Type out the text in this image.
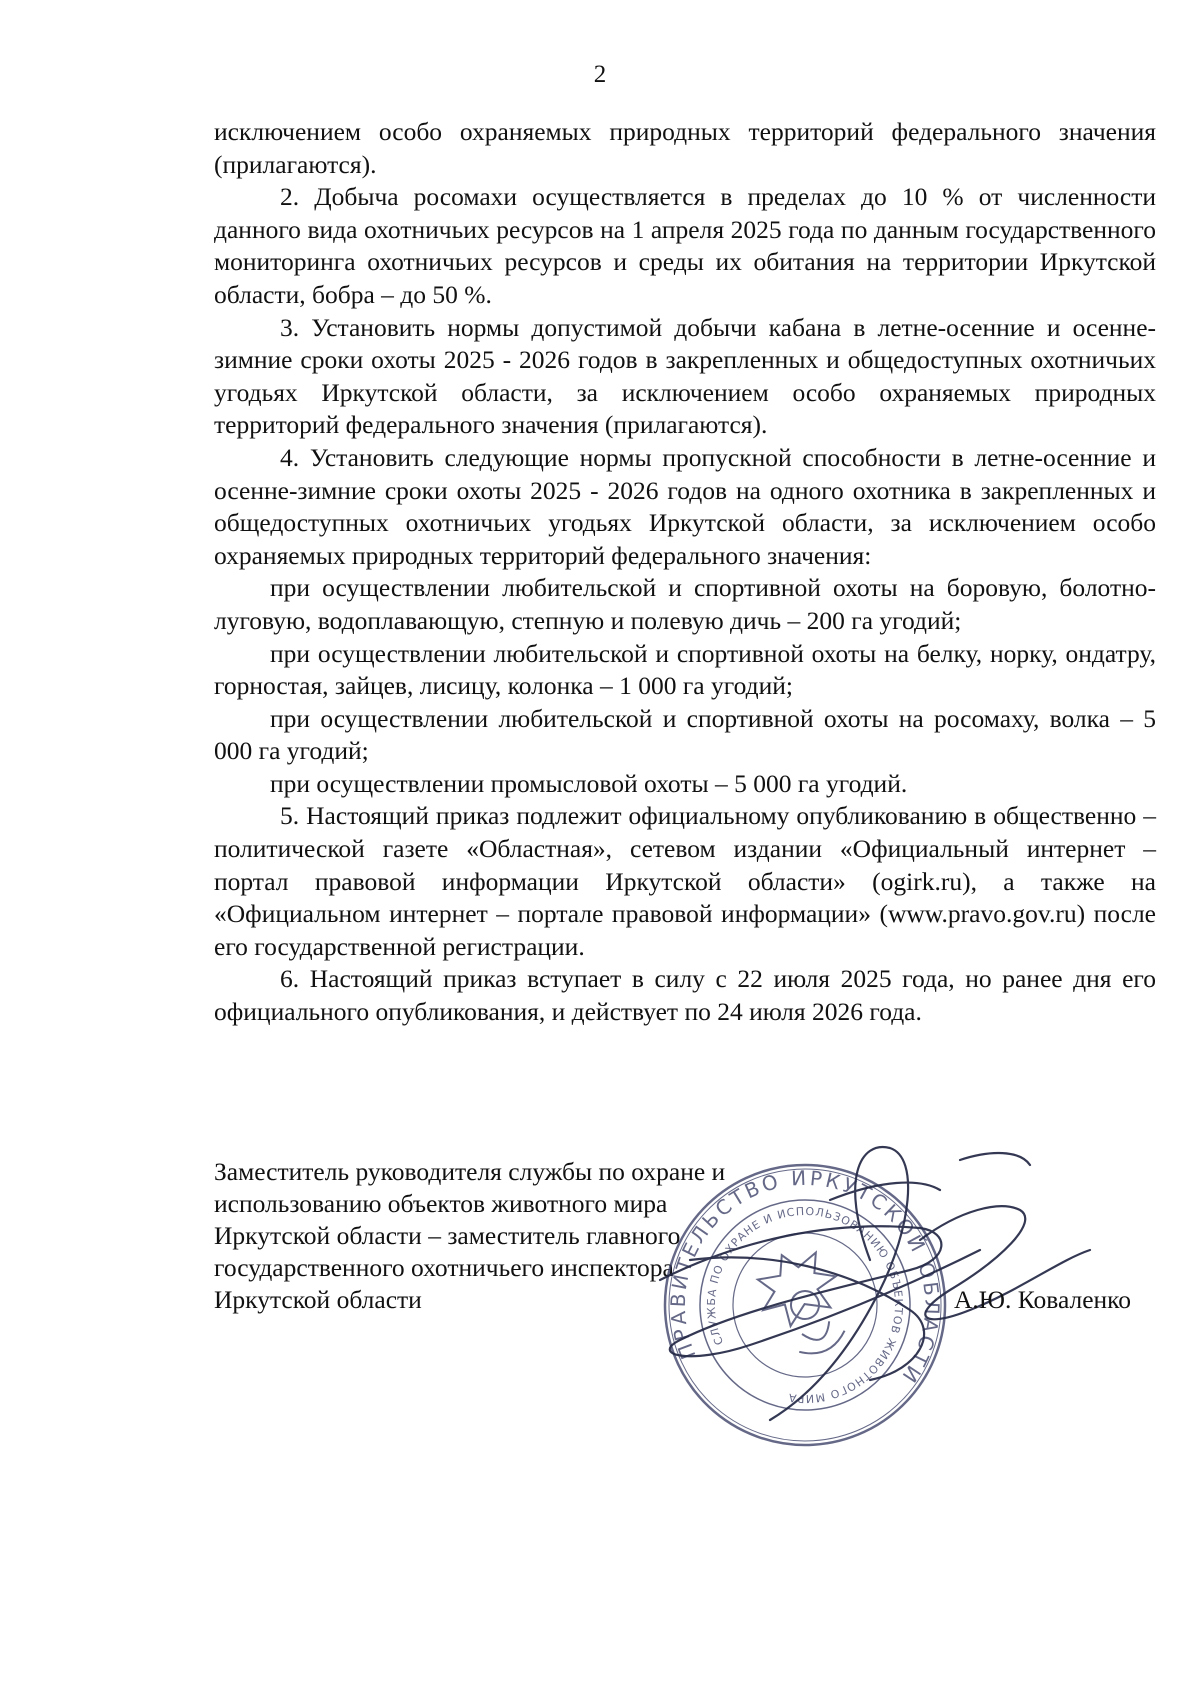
2

исключением особо охраняемых природных территорий федерального значения (прилагаются).

2. Добыча росомахи осуществляется в пределах до 10 % от численности данного вида охотничьих ресурсов на 1 апреля 2025 года по данным государственного мониторинга охотничьих ресурсов и среды их обитания на территории Иркутской области, бобра – до 50 %.

3. Установить нормы допустимой добычи кабана в летне-осенние и осенне-зимние сроки охоты 2025 - 2026 годов в закрепленных и общедоступных охотничьих угодьях Иркутской области, за исключением особо охраняемых природных территорий федерального значения (прилагаются).

4. Установить следующие нормы пропускной способности в летне-осенние и осенне-зимние сроки охоты 2025 - 2026 годов на одного охотника в закрепленных и общедоступных охотничьих угодьях Иркутской области, за исключением особо охраняемых природных территорий федерального значения:

при осуществлении любительской и спортивной охоты на боровую, болотно-луговую, водоплавающую, степную и полевую дичь – 200 га угодий;

при осуществлении любительской и спортивной охоты на белку, норку, ондатру, горностая, зайцев, лисицу, колонка – 1 000 га угодий;

при осуществлении любительской и спортивной охоты на росомаху, волка – 5 000 га угодий;

при осуществлении промысловой охоты – 5 000 га угодий.

5. Настоящий приказ подлежит официальному опубликованию в общественно – политической газете «Областная», сетевом издании «Официальный интернет – портал правовой информации Иркутской области» (ogirk.ru), а также на «Официальном интернет – портале правовой информации» (www.pravo.gov.ru) после его государственной регистрации.

6. Настоящий приказ вступает в силу с 22 июля 2025 года, но ранее дня его официального опубликования, и действует по 24 июля 2026 года.

Заместитель руководителя службы по охране и
использованию объектов животного мира
Иркутской области – заместитель главного
государственного охотничьего инспектора
Иркутской области
ПРАВИТЕЛЬСТВО ИРКУТСКОЙ ОБЛАСТИ
СЛУЖБА ПО ОХРАНЕ И ИСПОЛЬЗОВАНИЮ ОБЪЕКТОВ ЖИВОТНОГО МИРА
А.Ю. Коваленко
